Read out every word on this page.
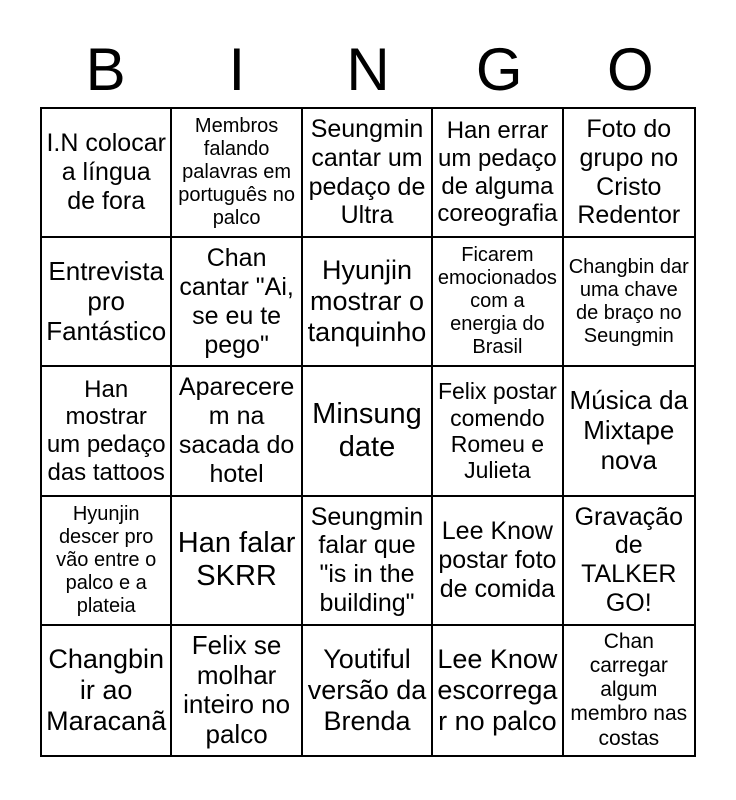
B	I	N	G	O
I.N colocar a língua de fora
Membros falando palavras em português no palco
Seungmin cantar um pedaço de Ultra
Han errar um pedaço de alguma coreografia
Foto do grupo no Cristo Redentor
Entrevista pro Fantástico
Chan cantar "Ai, se eu te pego"
Hyunjin mostrar o tanquinho
Ficarem emocionados com a energia do Brasil
Changbin dar uma chave de braço no Seungmin
Han mostrar um pedaço das tattoos
Aparecerem na sacada do hotel
Minsung date
Felix postar comendo Romeu e Julieta
Música da Mixtape nova
Hyunjin descer pro vão entre o palco e a plateia
Han falar SKRR
Seungmin falar que "is in the building"
Lee Know postar foto de comida
Gravação de TALKER GO!
Changbin ir ao Maracanã
Felix se molhar inteiro no palco
Youtiful versão da Brenda
Lee Know escorregar no palco
Chan carregar algum membro nas costas
